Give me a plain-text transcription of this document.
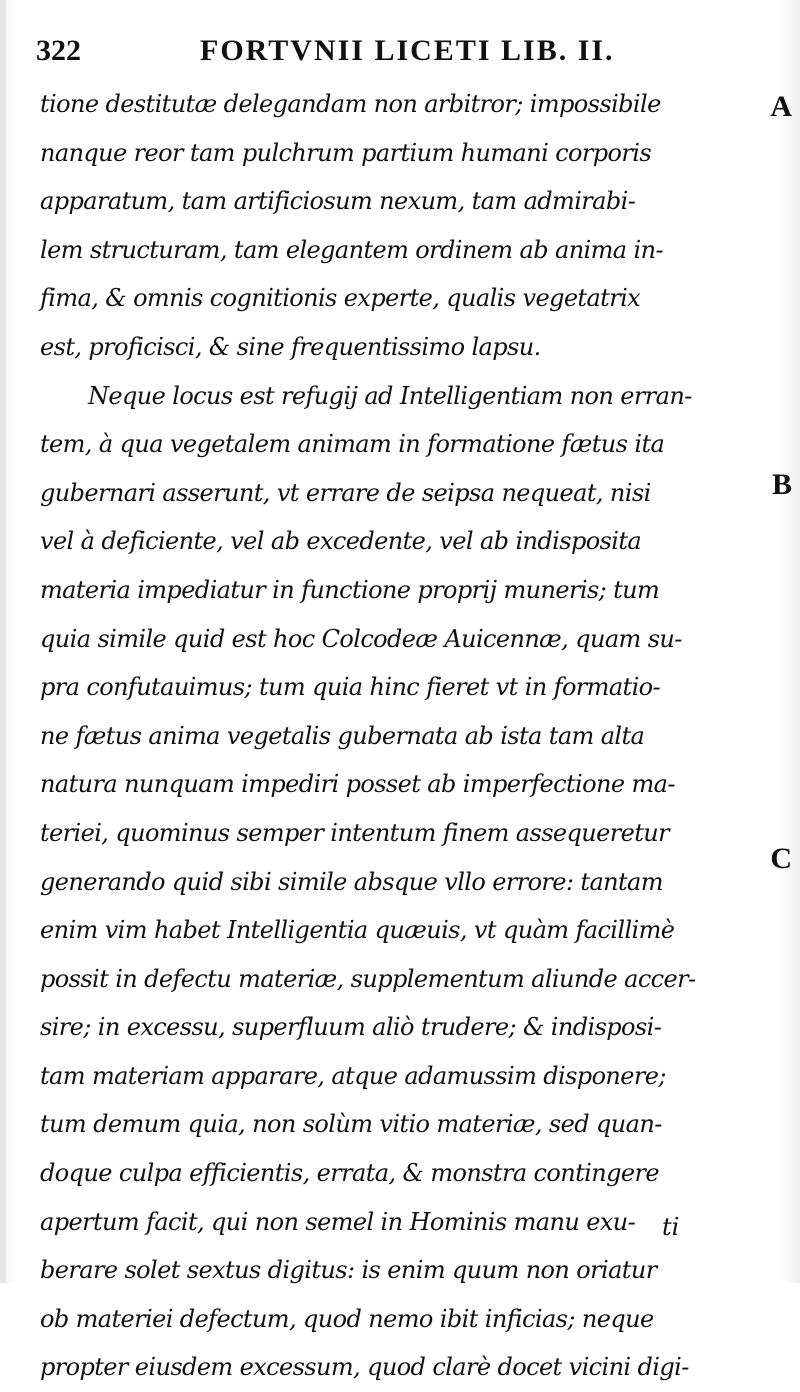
322	FORTVNII LICETI LIB. II.
tione destitutæ delegandam non arbitror; impossibile
nanque reor tam pulchrum partium humani corporis
apparatum, tam artificiosum nexum, tam admirabi-
lem structuram, tam elegantem ordinem ab anima in-
fima, & omnis cognitionis experte, qualis vegetatrix
est, proficisci, & sine frequentissimo lapsu.
Neque locus est refugij ad Intelligentiam non erran-
tem, à qua vegetalem animam in formatione fætus ita
gubernari asserunt, vt errare de seipsa nequeat, nisi
vel à deficiente, vel ab excedente, vel ab indisposita
materia impediatur in functione proprij muneris; tum
quia simile quid est hoc Colcodeæ Auicennæ, quam su-
pra confutauimus; tum quia hinc fieret vt in formatio-
ne fætus anima vegetalis gubernata ab ista tam alta
natura nunquam impediri posset ab imperfectione ma-
teriei, quominus semper intentum finem assequeretur
generando quid sibi simile absque vllo errore: tantam
enim vim habet Intelligentia quæuis, vt quàm facillimè
possit in defectu materiæ, supplementum aliunde accer-
sire; in excessu, superfluum aliò trudere; & indisposi-
tam materiam apparare, atque adamussim disponere;
tum demum quia, non solùm vitio materiæ, sed quan-
doque culpa efficientis, errata, & monstra contingere
apertum facit, qui non semel in Hominis manu exu-
berare solet sextus digitus: is enim quum non oriatur
ob materiei defectum, quod nemo ibit inficias; neque
propter eiusdem excessum, quod clarè docet vicini digi-
A
B
C
ti
